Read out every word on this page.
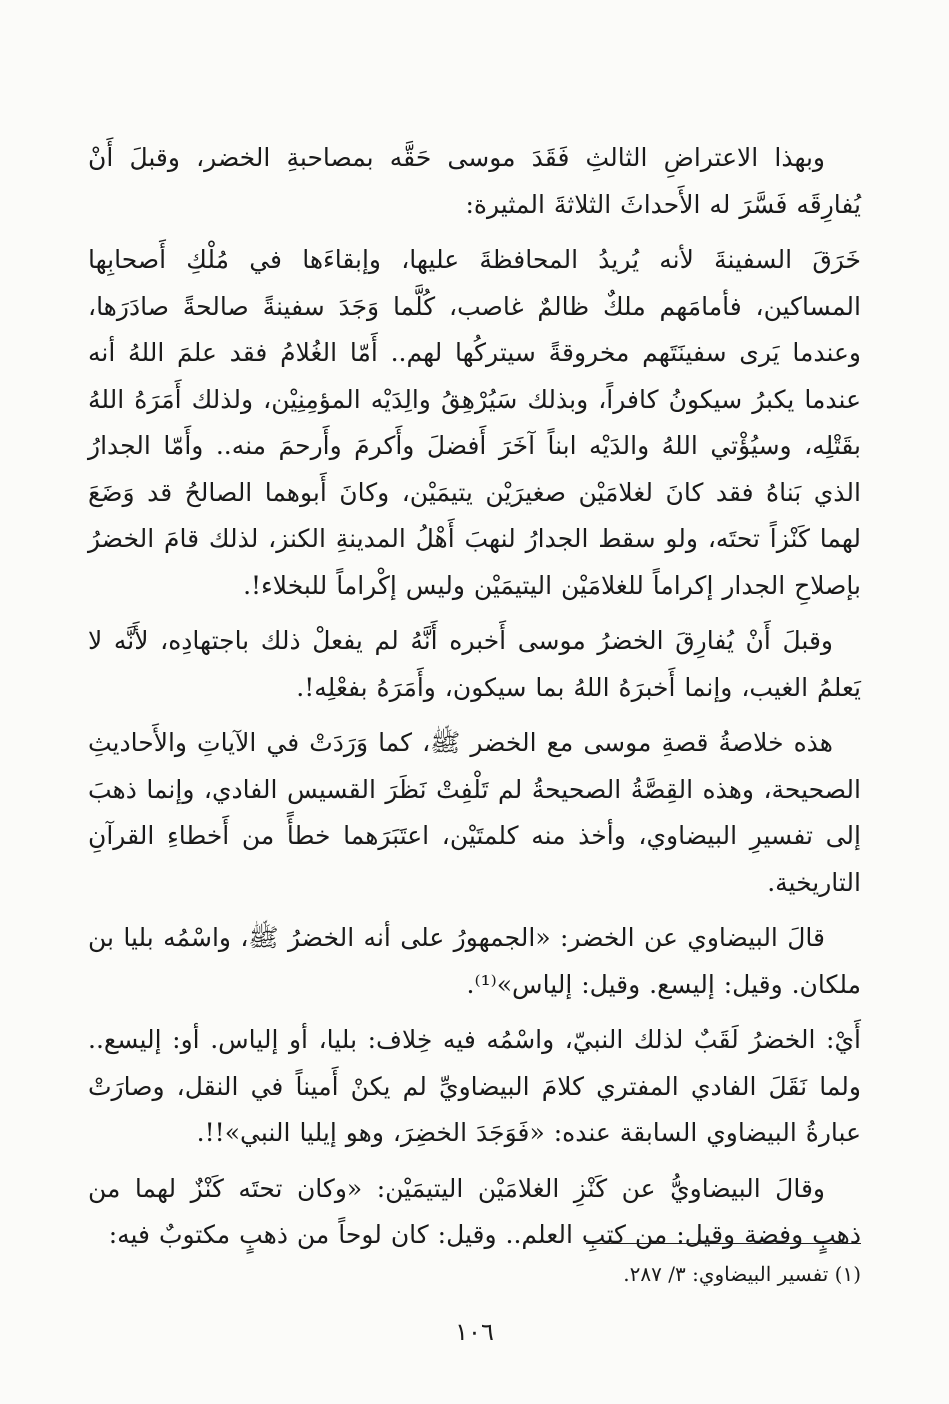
وبهذا الاعتراضِ الثالثِ فَقَدَ موسى حَقَّه بمصاحبةِ الخضر، وقبلَ أَنْ يُفارِقَه فَسَّرَ له الأَحداثَ الثلاثةَ المثيرة:

خَرَقَ السفينةَ لأنه يُريدُ المحافظةَ عليها، وإبقاءَها في مُلْكِ أَصحابِها المساكين، فأمامَهم ملكٌ ظالمٌ غاصب، كُلَّما وَجَدَ سفينةً صالحةً صادَرَها، وعندما يَرى سفينَتَهم مخروقةً سيتركُها لهم.. أَمّا الغُلامُ فقد علمَ اللهُ أنه عندما يكبرُ سيكونُ كافراً، وبذلك سَيُرْهِقُ والِدَيْه المؤمِنِيْن، ولذلك أَمَرَهُ اللهُ بقَتْلِه، وسيُؤْتي اللهُ والدَيْه ابناً آخَرَ أَفضلَ وأَكرمَ وأَرحمَ منه.. وأَمّا الجدارُ الذي بَناهُ فقد كانَ لغلامَيْن صغيرَيْن يتيمَيْن، وكانَ أَبوهما الصالحُ قد وَضَعَ لهما كَنْزاً تحتَه، ولو سقط الجدارُ لنهبَ أَهْلُ المدينةِ الكنز، لذلك قامَ الخضرُ بإصلاحِ الجدار إكراماً للغلامَيْن اليتيمَيْن وليس إكْراماً للبخلاء!.

وقبلَ أَنْ يُفارِقَ الخضرُ موسى أَخبره أَنَّهُ لم يفعلْ ذلك باجتهادِه، لأَنَّه لا يَعلمُ الغيب، وإنما أَخبرَهُ اللهُ بما سيكون، وأَمَرَهُ بفعْلِه!.

هذه خلاصةُ قصةِ موسى مع الخضر ﷺ، كما وَرَدَتْ في الآياتِ والأَحاديثِ الصحيحة، وهذه القِصَّةُ الصحيحةُ لم تَلْفِتْ نَظَرَ القسيس الفادي، وإنما ذهبَ إلى تفسيرِ البيضاوي، وأخذ منه كلمتَيْن، اعتَبَرَهما خطأً من أَخطاءِ القرآنِ التاريخية.

قالَ البيضاوي عن الخضر: «الجمهورُ على أنه الخضرُ ﷺ، واسْمُه بليا بن ملكان. وقيل: إليسع. وقيل: إلياس»⁽¹⁾.

أَيْ: الخضرُ لَقَبٌ لذلك النبيّ، واسْمُه فيه خِلاف: بليا، أو إلياس. أو: إليسع.. ولما نَقَلَ الفادي المفتري كلامَ البيضاويِّ لم يكنْ أَميناً في النقل، وصارَتْ عبارةُ البيضاوي السابقة عنده: «فَوَجَدَ الخضِرَ، وهو إيليا النبي»!!.

وقالَ البيضاويُّ عن كَنْزِ الغلامَيْن اليتيمَيْن: «وكان تحتَه كَنْزٌ لهما من ذهبٍ وفضة وقيل: من كتبِ العلم.. وقيل: كان لوحاً من ذهبٍ مكتوبٌ فيه:

(١) تفسير البيضاوي: ٣/ ٢٨٧.

١٠٦
